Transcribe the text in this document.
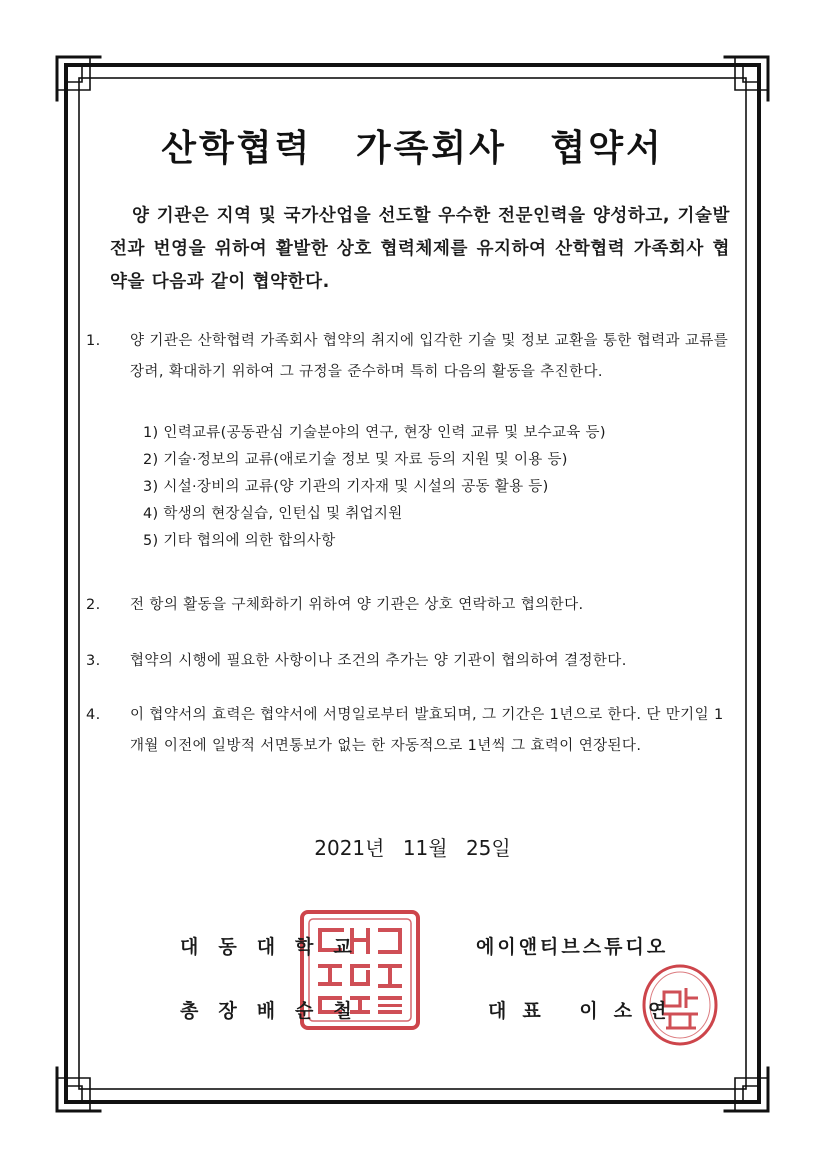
산학협력 가족회사 협약서
양 기관은 지역 및 국가산업을 선도할 우수한 전문인력을 양성하고, 기술발전과 번영을 위하여 활발한 상호 협력체제를 유지하여 산학협력 가족회사 협약을 다음과 같이 협약한다.
1. 양 기관은 산학협력 가족회사 협약의 취지에 입각한 기술 및 정보 교환을 통한 협력과 교류를 장려, 확대하기 위하여 그 규정을 준수하며 특히 다음의 활동을 추진한다.
1) 인력교류(공동관심 기술분야의 연구, 현장 인력 교류 및 보수교육 등)
2) 기술·정보의 교류(애로기술 정보 및 자료 등의 지원 및 이용 등)
3) 시설·장비의 교류(양 기관의 기자재 및 시설의 공동 활용 등)
4) 학생의 현장실습, 인턴십 및 취업지원
5) 기타 협의에 의한 합의사항
2. 전 항의 활동을 구체화하기 위하여 양 기관은 상호 연락하고 협의한다.
3. 협약의 시행에 필요한 사항이나 조건의 추가는 양 기관이 협의하여 결정한다.
4. 이 협약서의 효력은 협약서에 서명일로부터 발효되며, 그 기간은 1년으로 한다. 단 만기일 1개월 이전에 일방적 서면통보가 없는 한 자동적으로 1년씩 그 효력이 연장된다.
2021년 11월 25일
대동대학교
총장배순철
에이앤티브스튜디오
대표 이소연
